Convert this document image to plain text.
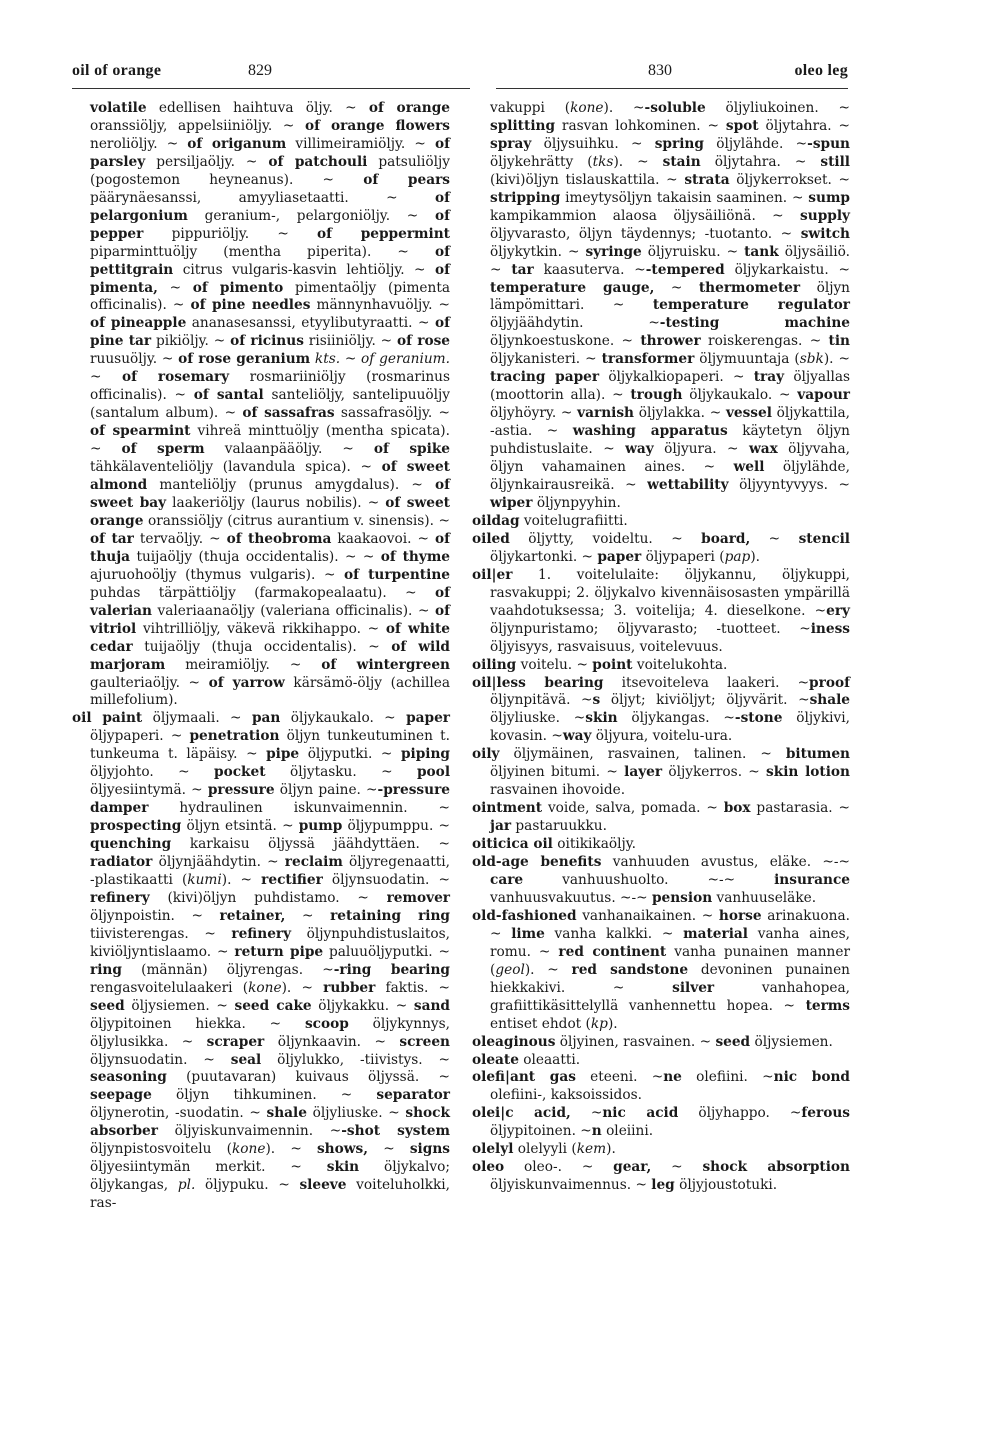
oil of orange	829	830	oleo leg

volatile edellisen haihtuva öljy. ~ of orange oranssiöljy, appelsiiniöljy. ~ of orange flowers neroliöljy. ~ of origanum villimeiramiöljy. ~ of parsley persiljaöljy. ~ of patchouli patsuliöljy (pogostemon heyneanus). ~ of pears päärynäesanssi, amyyliasetaatti. ~ of pelargonium geranium-, pelargoniöljy. ~ of pepper pippuriöljy. ~ of peppermint piparminttuöljy (mentha piperita). ~ of pettitgrain citrus vulgaris-kasvin lehtiöljy. ~ of pimenta, ~ of pimento pimentaöljy (pimenta officinalis). ~ of pine needles männynhavuöljy. ~ of pineapple ananasesanssi, etyylibutyraatti. ~ of pine tar pikiöljy. ~ of ricinus risiiniöljy. ~ of rose ruusuöljy. ~ of rose geranium kts. ~ of geranium. ~ of rosemary rosmariiniöljy (rosmarinus officinalis). ~ of santal santeliöljy, santelipuuöljy (santalum album). ~ of sassafras sassafrasöljy. ~ of spearmint vihreä minttuöljy (mentha spicata). ~ of sperm valaanpääöljy. ~ of spike tähkälaventeliöljy (lavandula spica). ~ of sweet almond manteliöljy (prunus amygdalus). ~ of sweet bay laakeriöljy (laurus nobilis). ~ of sweet orange oranssiöljy (citrus aurantium v. sinensis). ~ of tar tervaöljy. ~ of theobroma kaakaovoi. ~ of thuja tuijaöljy (thuja occidentalis). ~ ~ of thyme ajuruohoöljy (thymus vulgaris). ~ of turpentine puhdas tärpättiöljy (farmakopealaatu). ~ of valerian valeriaanaöljy (valeriana officinalis). ~ of vitriol vihtrilliöljy, väkevä rikkihappo. ~ of white cedar tuijaöljy (thuja occidentalis). ~ of wild marjoram meiramiöljy. ~ of wintergreen gaulteriaöljy. ~ of yarrow kärsämö-öljy (achillea millefolium).

oil paint öljymaali. ~ pan öljykaukalo. ~ paper öljypaperi. ~ penetration öljyn tunkeutuminen t. tunkeuma t. läpäisy. ~ pipe öljyputki. ~ piping öljyjohto. ~ pocket öljytasku. ~ pool öljyesiintymä. ~ pressure öljyn paine. ~-pressure damper hydraulinen iskunvaimennin. ~ prospecting öljyn etsintä. ~ pump öljypumppu. ~ quenching karkaisu öljyssä jäähdyttäen. ~ radiator öljynjäähdytin. ~ reclaim öljyregenaatti, -plastikaatti (kumi). ~ rectifier öljynsuodatin. ~ refinery (kivi)öljyn puhdistamo. ~ remover öljynpoistin. ~ retainer, ~ retaining ring tiivisterengas. ~ refinery öljynpuhdistuslaitos, kiviöljyntislaamo. ~ return pipe paluuöljyputki. ~ ring (männän) öljyrengas. ~-ring bearing rengasvoitelulaakeri (kone). ~ rubber faktis. ~ seed öljysiemen. ~ seed cake öljykakku. ~ sand öljypitoinen hiekka. ~ scoop öljykynnys, öljylusikka. ~ scraper öljynkaavin. ~ screen öljynsuodatin. ~ seal öljylukko, -tiivistys. ~ seasoning (puutavaran) kuivaus öljyssä. ~ seepage öljyn tihkuminen. ~ separator öljynerotin, -suodatin. ~ shale öljyliuske. ~ shock absorber öljyiskunvaimennin. ~-shot system öljynpistosvoitelu (kone). ~ shows, ~ signs öljyesiintymän merkit. ~ skin öljykalvo; öljykangas, pl. öljypuku. ~ sleeve voiteluholkki, ras-

vakuppi (kone). ~-soluble öljyliukoinen. ~ splitting rasvan lohkominen. ~ spot öljytahra. ~ spray öljysuihku. ~ spring öljylähde. ~-spun öljykehrätty (tks). ~ stain öljytahra. ~ still (kivi)öljyn tislauskattila. ~ strata öljykerrokset. ~ stripping imeytysöljyn takaisin saaminen. ~ sump kampikammion alaosa öljysäiliönä. ~ supply öljyvarasto, öljyn täydennys; -tuotanto. ~ switch öljykytkin. ~ syringe öljyruisku. ~ tank öljysäiliö. ~ tar kaasuterva. ~-tempered öljykarkaistu. ~ temperature gauge, ~ thermometer öljyn lämpömittari. ~ temperature regulator öljyjäähdytin. ~-testing machine öljynkoestuskone. ~ thrower roiskerengas. ~ tin öljykanisteri. ~ transformer öljymuuntaja (sbk). ~ tracing paper öljykalkiopaperi. ~ tray öljyallas (moottorin alla). ~ trough öljykaukalo. ~ vapour öljyhöyry. ~ varnish öljylakka. ~ vessel öljykattila, -astia. ~ washing apparatus käytetyn öljyn puhdistuslaite. ~ way öljyura. ~ wax öljyvaha, öljyn vahamainen aines. ~ well öljylähde, öljynkairausreikä. ~ wettability öljyyntyvyys. ~ wiper öljynpyyhin.

oildag voitelugrafiitti.

oiled öljytty, voideltu. ~ board, ~ stencil öljykartonki. ~ paper öljypaperi (pap).

oil|er 1. voitelulaite: öljykannu, öljykuppi, rasvakuppi; 2. öljykalvo kivennäisosasten ympärillä vaahdotuksessa; 3. voitelija; 4. dieselkone. ~ery öljynpuristamo; öljyvarasto; -tuotteet. ~iness öljyisyys, rasvaisuus, voitelevuus.

oiling voitelu. ~ point voitelukohta.

oil|less bearing itsevoiteleva laakeri. ~proof öljynpitävä. ~s öljyt; kiviöljyt; öljyvärit. ~shale öljyliuske. ~skin öljykangas. ~-stone öljykivi, kovasin. ~way öljyura, voitelu-ura.

oily öljymäinen, rasvainen, talinen. ~ bitumen öljyinen bitumi. ~ layer öljykerros. ~ skin lotion rasvainen ihovoide.

ointment voide, salva, pomada. ~ box pastarasia. ~ jar pastaruukku.

oiticica oil oitikikaöljy.

old-age benefits vanhuuden avustus, eläke. ~-~ care vanhuushuolto. ~-~ insurance vanhuusvakuutus. ~-~ pension vanhuuseläke.

old-fashioned vanhanaikainen. ~ horse arinakuona. ~ lime vanha kalkki. ~ material vanha aines, romu. ~ red continent vanha punainen manner (geol). ~ red sandstone devoninen punainen hiekkakivi. ~ silver vanhahopea, grafiittikäsittelyllä vanhennettu hopea. ~ terms entiset ehdot (kp).

oleaginous öljyinen, rasvainen. ~ seed öljysiemen.

oleate oleaatti.

olefi|ant gas eteeni. ~ne olefiini. ~nic bond olefiini-, kaksoissidos.

olei|c acid, ~nic acid öljyhappo. ~ferous öljypitoinen. ~n oleiini.

olelyl olelyyli (kem).

oleo oleo-. ~ gear, ~ shock absorption öljyiskunvaimennus. ~ leg öljyjoustotuki.
